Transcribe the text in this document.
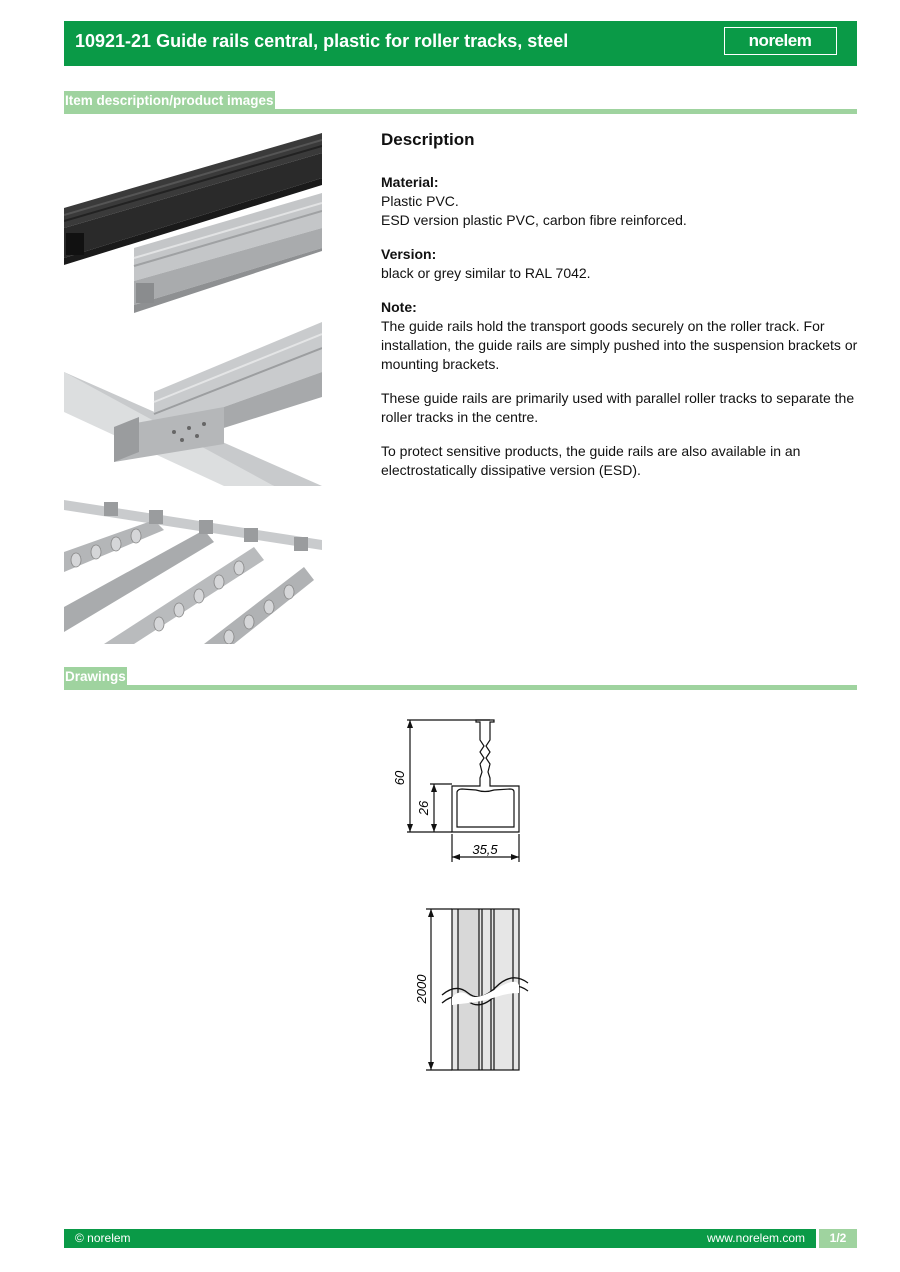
10921-21 Guide rails central, plastic for roller tracks, steel	norelem
Item description/product images
Description
Material:
Plastic PVC.
ESD version plastic PVC, carbon fibre reinforced.
Version:
black or grey similar to RAL 7042.
Note:

The guide rails hold the transport goods securely on the roller track. For installation, the guide rails are simply pushed into the suspension brackets or mounting brackets.

These guide rails are primarily used with parallel roller tracks to separate the roller tracks in the centre.

To protect sensitive products, the guide rails are also available in an electrostatically dissipative version (ESD).

Drawings
60
26
35,5
2000
© norelem	www.norelem.com	1/2
